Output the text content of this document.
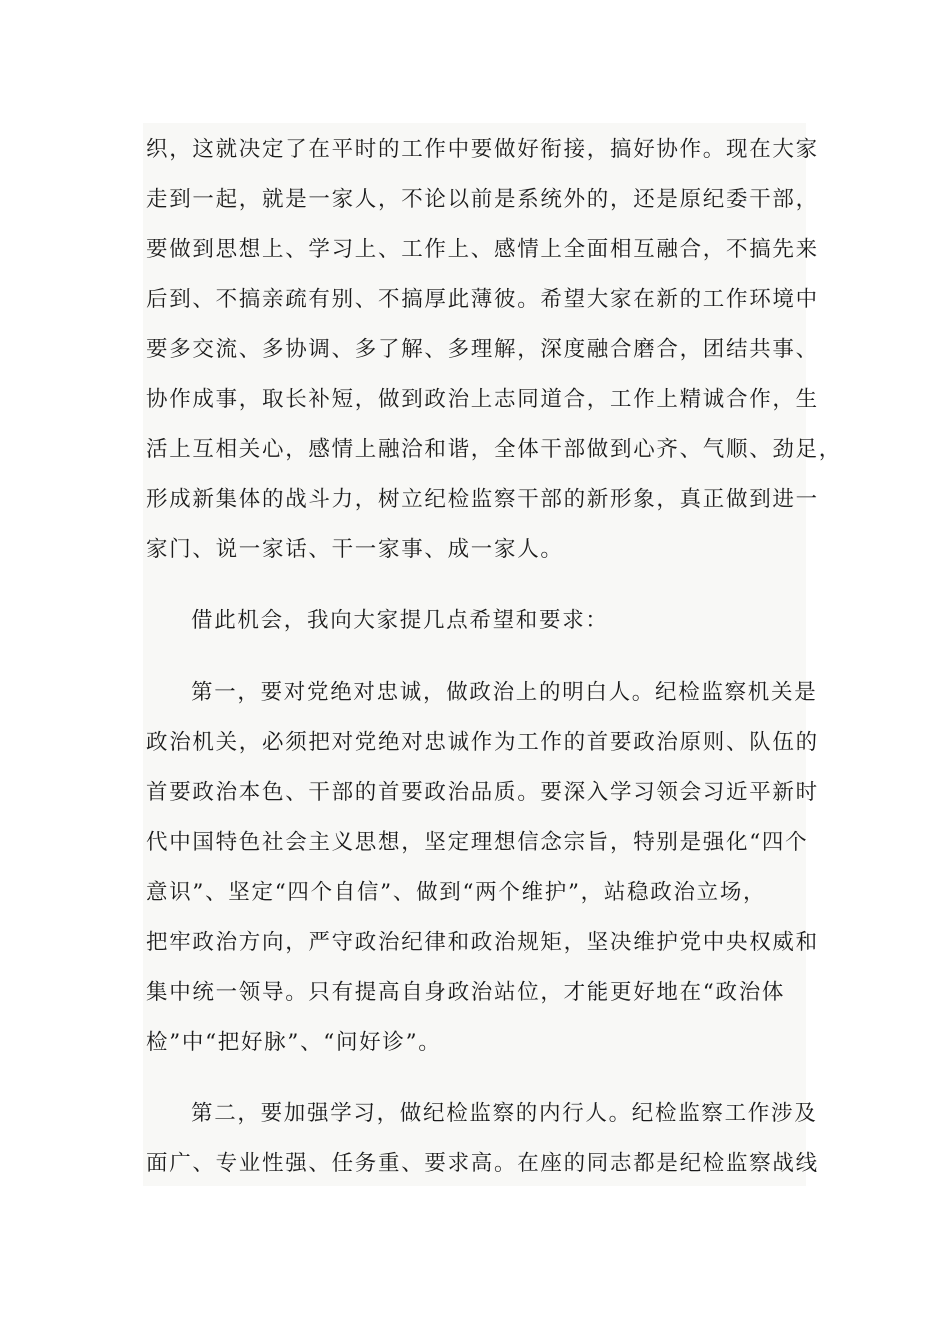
织，这就决定了在平时的工作中要做好衔接，搞好协作。现在大家
走到一起，就是一家人，不论以前是系统外的，还是原纪委干部，
要做到思想上、学习上、工作上、感情上全面相互融合，不搞先来
后到、不搞亲疏有别、不搞厚此薄彼。希望大家在新的工作环境中
要多交流、多协调、多了解、多理解，深度融合磨合，团结共事、
协作成事，取长补短，做到政治上志同道合，工作上精诚合作，生
活上互相关心，感情上融洽和谐，全体干部做到心齐、气顺、劲足，
形成新集体的战斗力，树立纪检监察干部的新形象，真正做到进一
家门、说一家话、干一家事、成一家人。
借此机会，我向大家提几点希望和要求：
第一，要对党绝对忠诚，做政治上的明白人。纪检监察机关是
政治机关，必须把对党绝对忠诚作为工作的首要政治原则、队伍的
首要政治本色、干部的首要政治品质。要深入学习领会习近平新时
代中国特色社会主义思想，坚定理想信念宗旨，特别是强化“四个
意识”、坚定“四个自信”、做到“两个维护”，站稳政治立场，
把牢政治方向，严守政治纪律和政治规矩，坚决维护党中央权威和
集中统一领导。只有提高自身政治站位，才能更好地在“政治体
检”中“把好脉”、“问好诊”。
第二，要加强学习，做纪检监察的内行人。纪检监察工作涉及
面广、专业性强、任务重、要求高。在座的同志都是纪检监察战线
